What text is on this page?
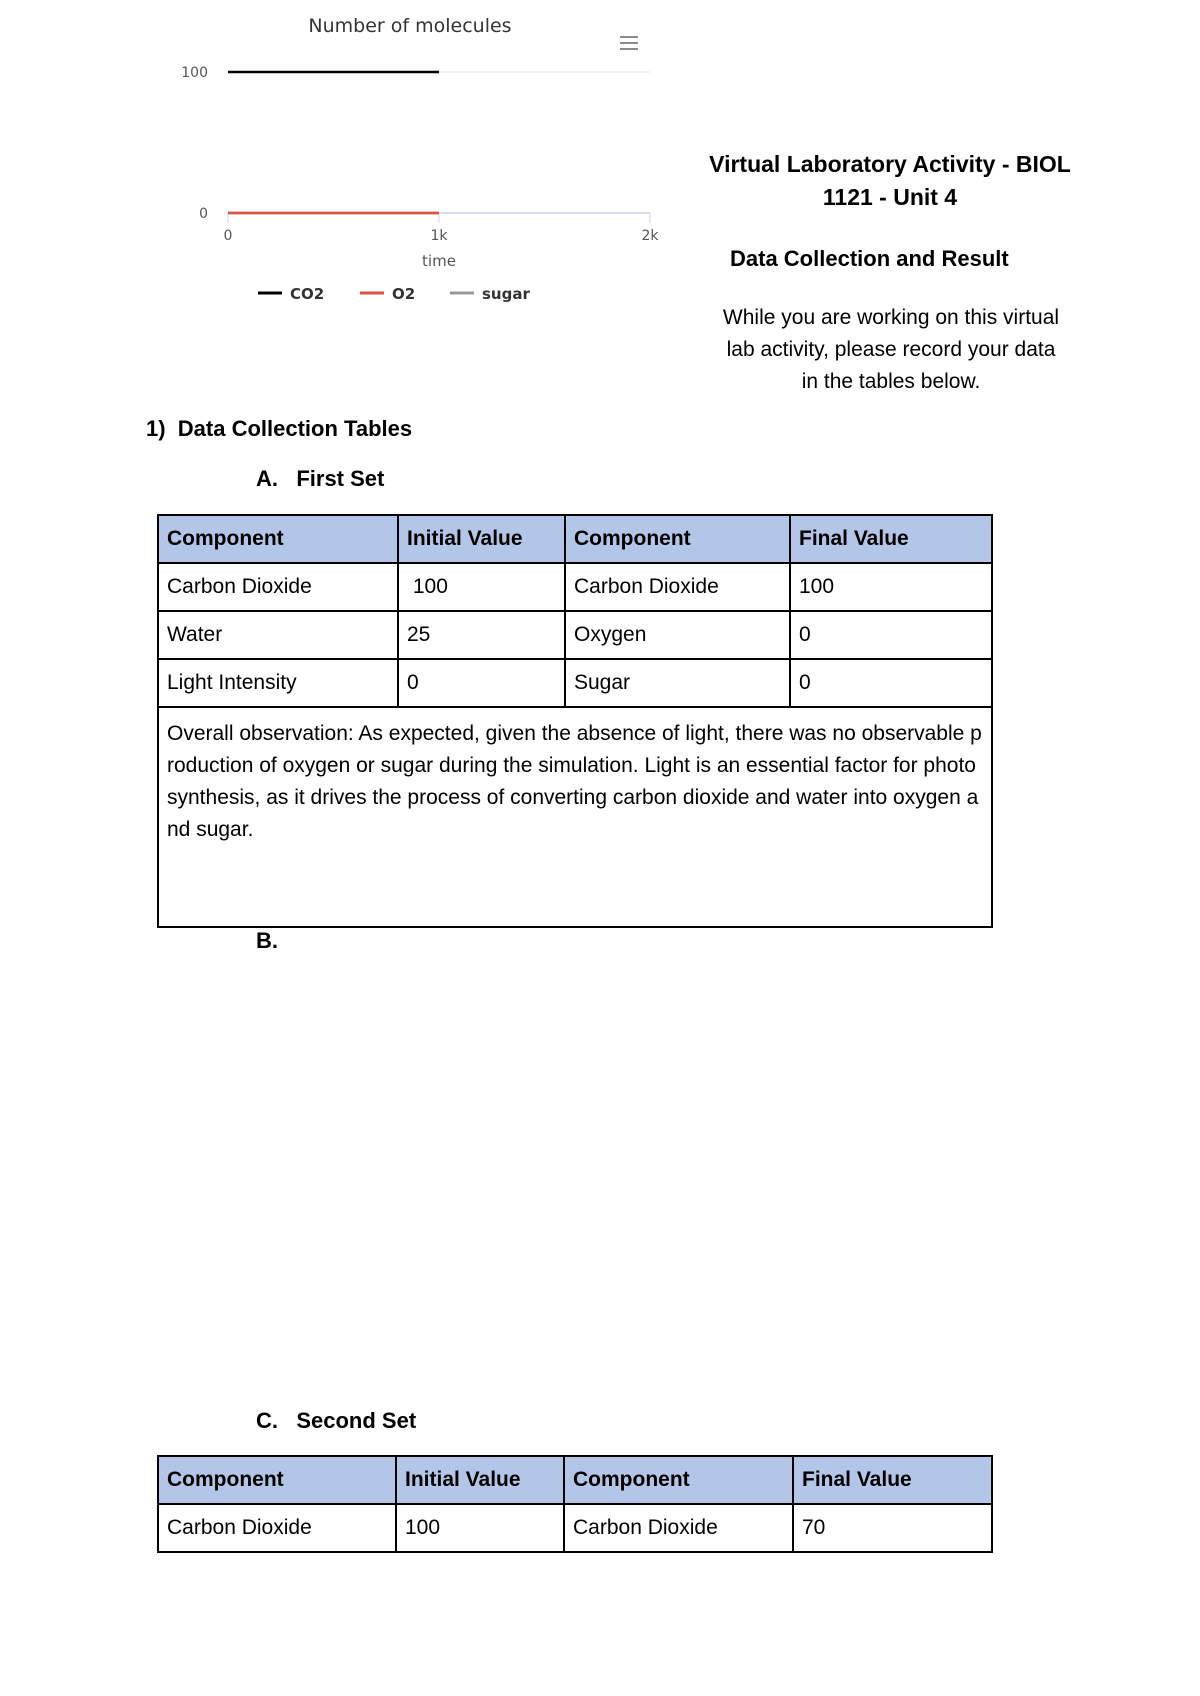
Number of molecules
0
100
0	1k	2k
time
CO2	O2	sugar
Virtual Laboratory Activity - BIOL 1121 - Unit 4
Data Collection and Result
While you are working on this virtual lab activity, please record your data in the tables below.
1)  Data Collection Tables
A.   First Set
B.
C.   Second Set
Component	Initial Value	Component	Final Value
Carbon Dioxide	100	Carbon Dioxide	100
Water	25	Oxygen	0
Light Intensity	0	Sugar	0
Overall observation: As expected, given the absence of light, there was no observable production of oxygen or sugar during the simulation. Light is an essential factor for photosynthesis, as it drives the process of converting carbon dioxide and water into oxygen and sugar.			
Component	Initial Value	Component	Final Value
Carbon Dioxide	100	Carbon Dioxide	70
